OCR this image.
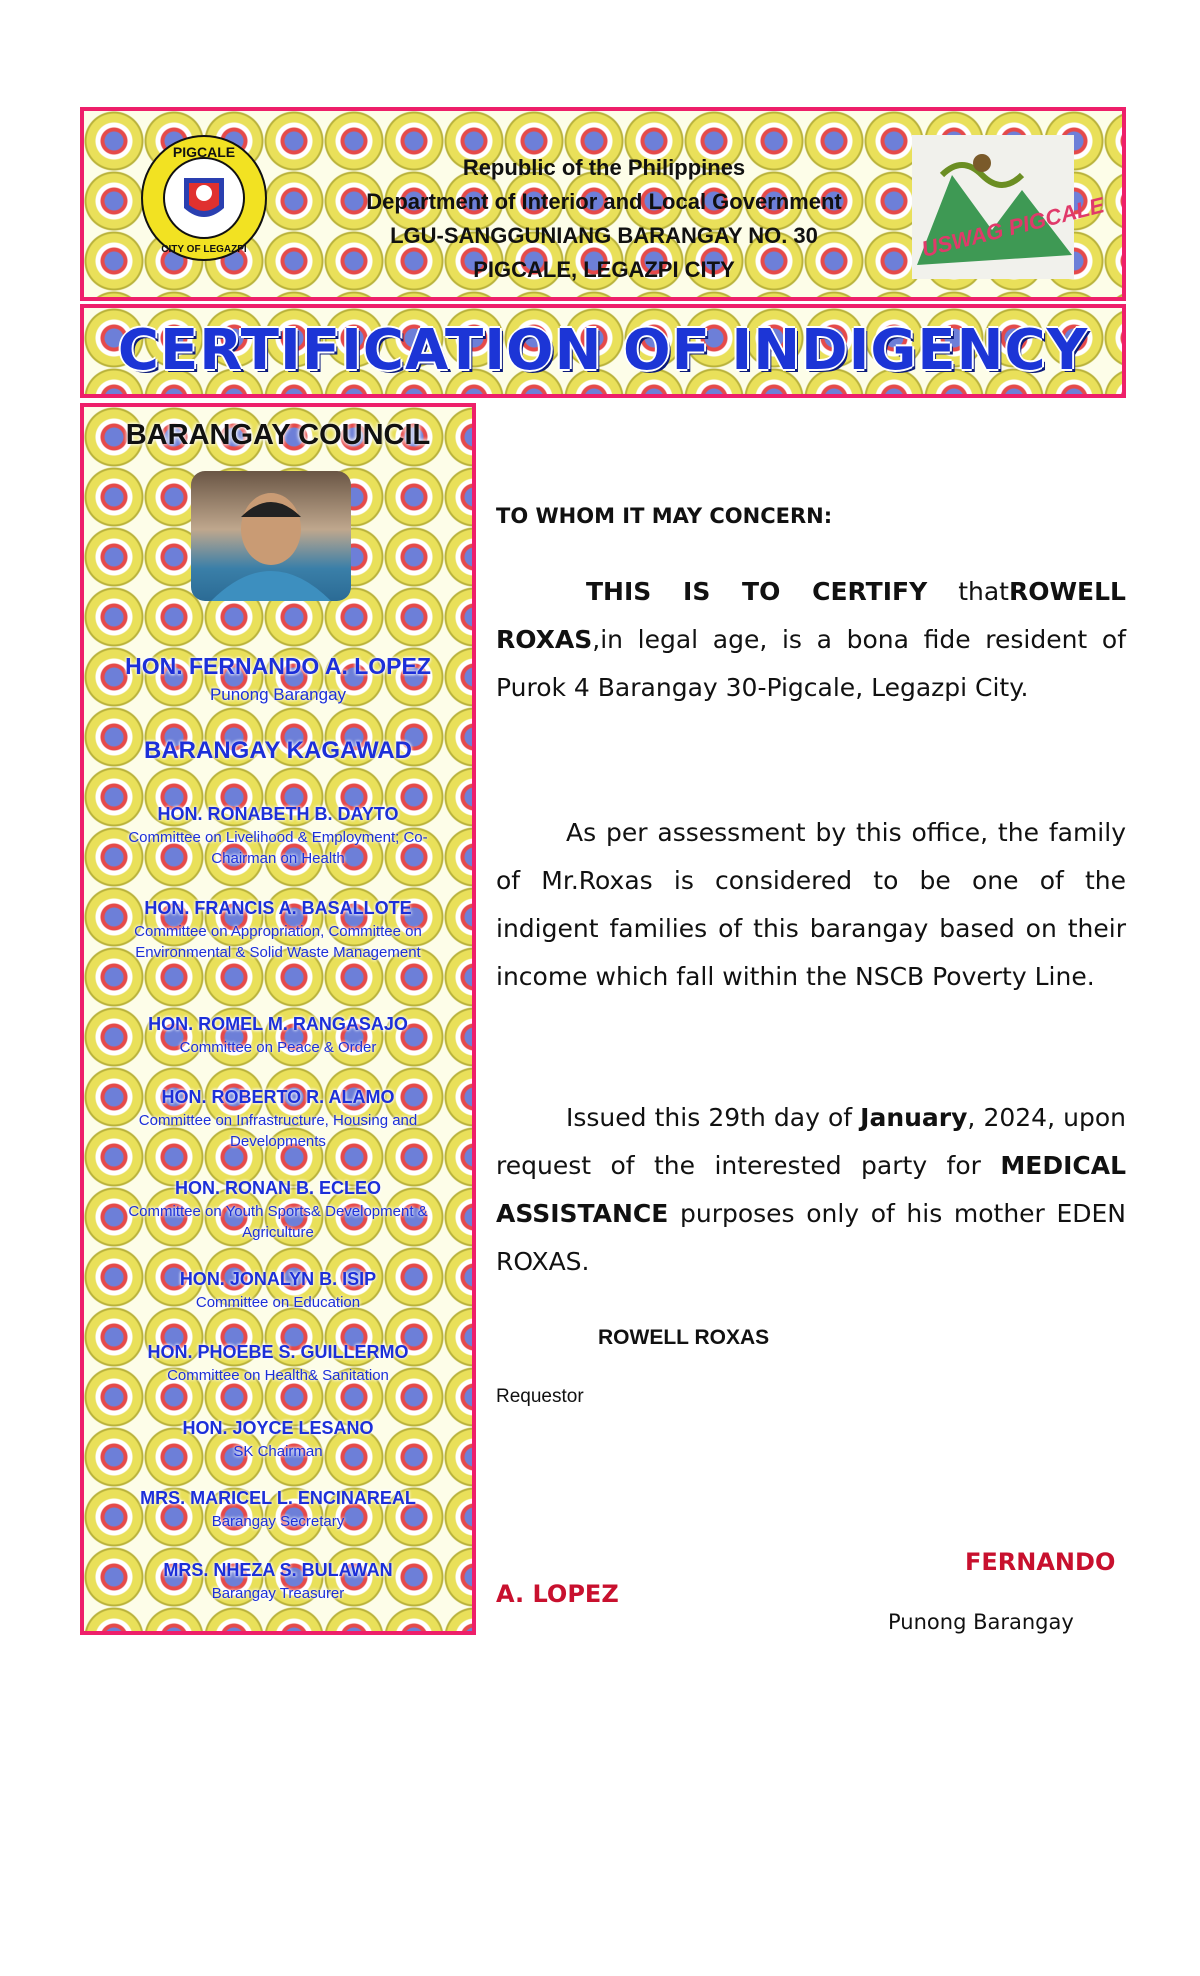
PIGCALE
CITY OF LEGAZPI
Republic of the Philippines
Department of Interior and Local Government
LGU-SANGGUNIANG BARANGAY NO. 30
PIGCALE, LEGAZPI CITY
USWAG PIGCALE
CERTIFICATION OF INDIGENCY
BARANGAY COUNCIL
HON. FERNANDO A. LOPEZ
Punong Barangay
BARANGAY KAGAWAD
HON. RONABETH B. DAYTO
Committee on Livelihood & Employment; Co-Chairman on Health
HON. FRANCIS A. BASALLOTE
Committee on Appropriation, Committee on Environmental & Solid Waste Management
HON. ROMEL M. RANGASAJO
Committee on Peace & Order
HON. ROBERTO R. ALAMO
Committee on Infrastructure, Housing and Developments
HON. RONAN B. ECLEO
Committee on Youth Sports& Development & Agriculture
HON. JONALYN B. ISIP
Committee on Education
HON. PHOEBE S. GUILLERMO
Committee on Health& Sanitation
HON. JOYCE LESANO
SK Chairman
MRS. MARICEL L. ENCINAREAL
Barangay Secretary
MRS. NHEZA S. BULAWAN
Barangay Treasurer
TO WHOM IT MAY CONCERN:
THIS IS TO CERTIFY thatROWELL ROXAS,in legal age, is a bona fide resident of Purok 4 Barangay 30-Pigcale, Legazpi City.
As per assessment by this office, the family of Mr.Roxas is considered to be one of the indigent families of this barangay based on their income which fall within the NSCB Poverty Line.
Issued this 29th day of January, 2024, upon request of the interested party for MEDICAL ASSISTANCE purposes only of his mother EDEN ROXAS.
ROWELL ROXAS
Requestor
FERNANDO
A. LOPEZ
Punong Barangay
